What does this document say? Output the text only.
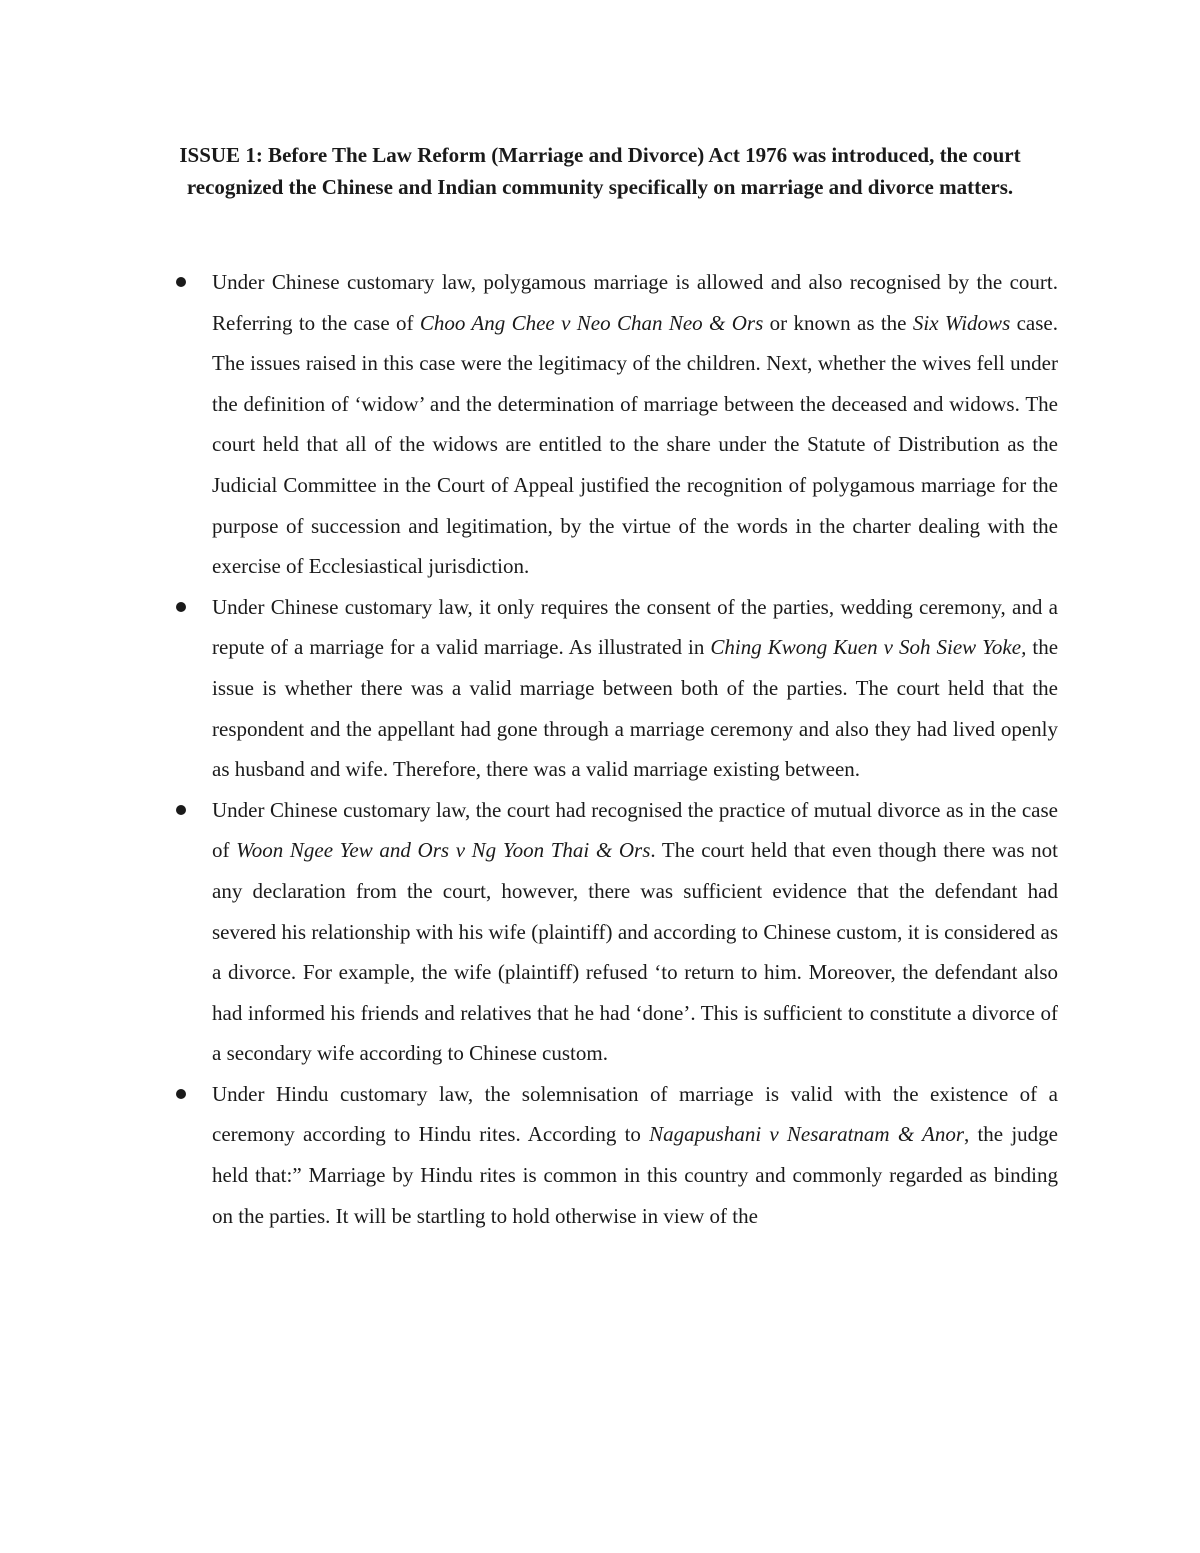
ISSUE 1: Before The Law Reform (Marriage and Divorce) Act 1976 was introduced, the court recognized the Chinese and Indian community specifically on marriage and divorce matters.

Under Chinese customary law, polygamous marriage is allowed and also recognised by the court. Referring to the case of Choo Ang Chee v Neo Chan Neo & Ors or known as the Six Widows case. The issues raised in this case were the legitimacy of the children. Next, whether the wives fell under the definition of ‘widow’ and the determination of marriage between the deceased and widows. The court held that all of the widows are entitled to the share under the Statute of Distribution as the Judicial Committee in the Court of Appeal justified the recognition of polygamous marriage for the purpose of succession and legitimation, by the virtue of the words in the charter dealing with the exercise of Ecclesiastical jurisdiction.
Under Chinese customary law, it only requires the consent of the parties, wedding ceremony, and a repute of a marriage for a valid marriage. As illustrated in Ching Kwong Kuen v Soh Siew Yoke, the issue is whether there was a valid marriage between both of the parties. The court held that the respondent and the appellant had gone through a marriage ceremony and also they had lived openly as husband and wife. Therefore, there was a valid marriage existing between.
Under Chinese customary law, the court had recognised the practice of mutual divorce as in the case of Woon Ngee Yew and Ors v Ng Yoon Thai & Ors. The court held that even though there was not any declaration from the court, however, there was sufficient evidence that the defendant had severed his relationship with his wife (plaintiff) and according to Chinese custom, it is considered as a divorce. For example, the wife (plaintiff) refused ‘to return to him. Moreover, the defendant also had informed his friends and relatives that he had ‘done’. This is sufficient to constitute a divorce of a secondary wife according to Chinese custom.
Under Hindu customary law, the solemnisation of marriage is valid with the existence of a ceremony according to Hindu rites. According to Nagapushani v Nesaratnam & Anor, the judge held that:” Marriage by Hindu rites is common in this country and commonly regarded as binding on the parties. It will be startling to hold otherwise in view of the
